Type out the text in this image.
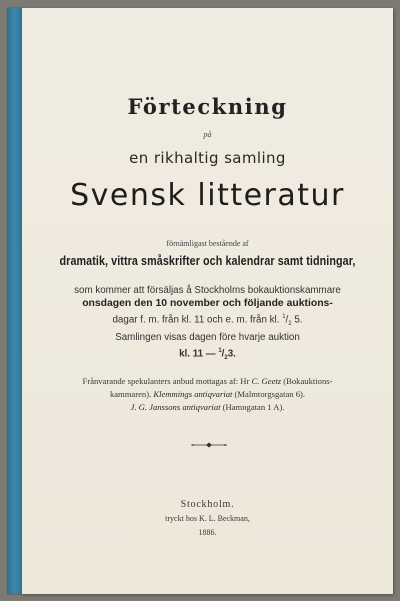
Förteckning
på
en rikhaltig samling
Svensk litteratur
förnämligast bestående af
dramatik, vittra småskrifter och kalendrar samt tidningar,
som kommer att försäljas å Stockholms bokauktionskammare
onsdagen den 10 november och följande auktions-
dagar f. m. från kl. 11 och e. m. från kl. $^1/_2$ 5.
Samlingen visas dagen före hvarje auktion
kl. 11 — $^1/_23$.
Frånvarande spekulanters anbud mottagas af: Hr C. Geetz (Bokauktions-
kammaren). Klemmings antiqvariat (Malmtorgsgatan 6).
J. G. Janssons antiqvariat (Hamngatan 1 A).
Stockholm.
tryckt hos K. L. Beckman,
1886.
